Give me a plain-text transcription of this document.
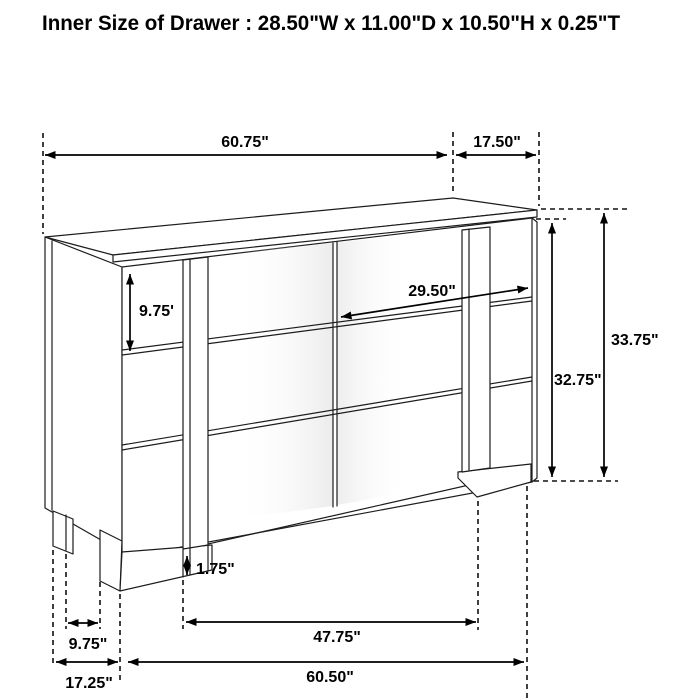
Inner Size of Drawer : 28.50"W x 11.00"D x 10.50"H x 0.25"T
60.75"	17.50"
29.50"
9.75'
33.75"
32.75"
1.75"
9.75"	47.75"
17.25"	60.50"
